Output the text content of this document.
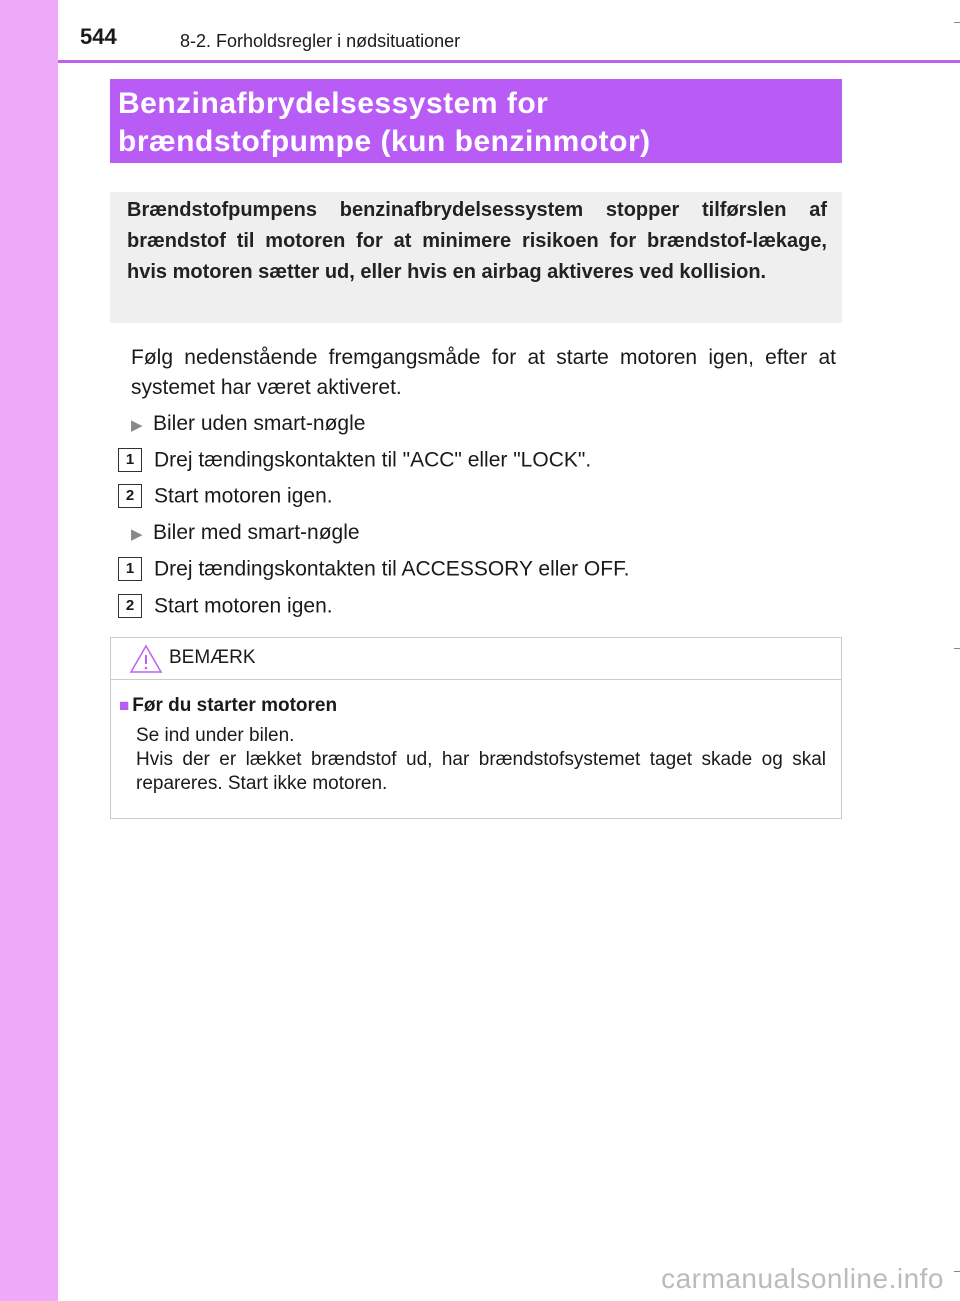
544	8-2. Forholdsregler i nødsituationer
Benzinafbrydelsessystem for
brændstofpumpe (kun benzinmotor)
Brændstofpumpens benzinafbrydelsessystem stopper tilførslen af brændstof til motoren for at minimere risikoen for brændstof-lækage, hvis motoren sætter ud, eller hvis en airbag aktiveres ved kollision.
Følg nedenstående fremgangsmåde for at starte motoren igen, efter at systemet har været aktiveret.
▶ Biler uden smart-nøgle
1 Drej tændingskontakten til "ACC" eller "LOCK".
2 Start motoren igen.
▶ Biler med smart-nøgle
1 Drej tændingskontakten til ACCESSORY eller OFF.
2 Start motoren igen.
BEMÆRK
■ Før du starter motoren
Se ind under bilen.
Hvis der er lækket brændstof ud, har brændstofsystemet taget skade og skal repareres. Start ikke motoren.
carmanualsonline.info
